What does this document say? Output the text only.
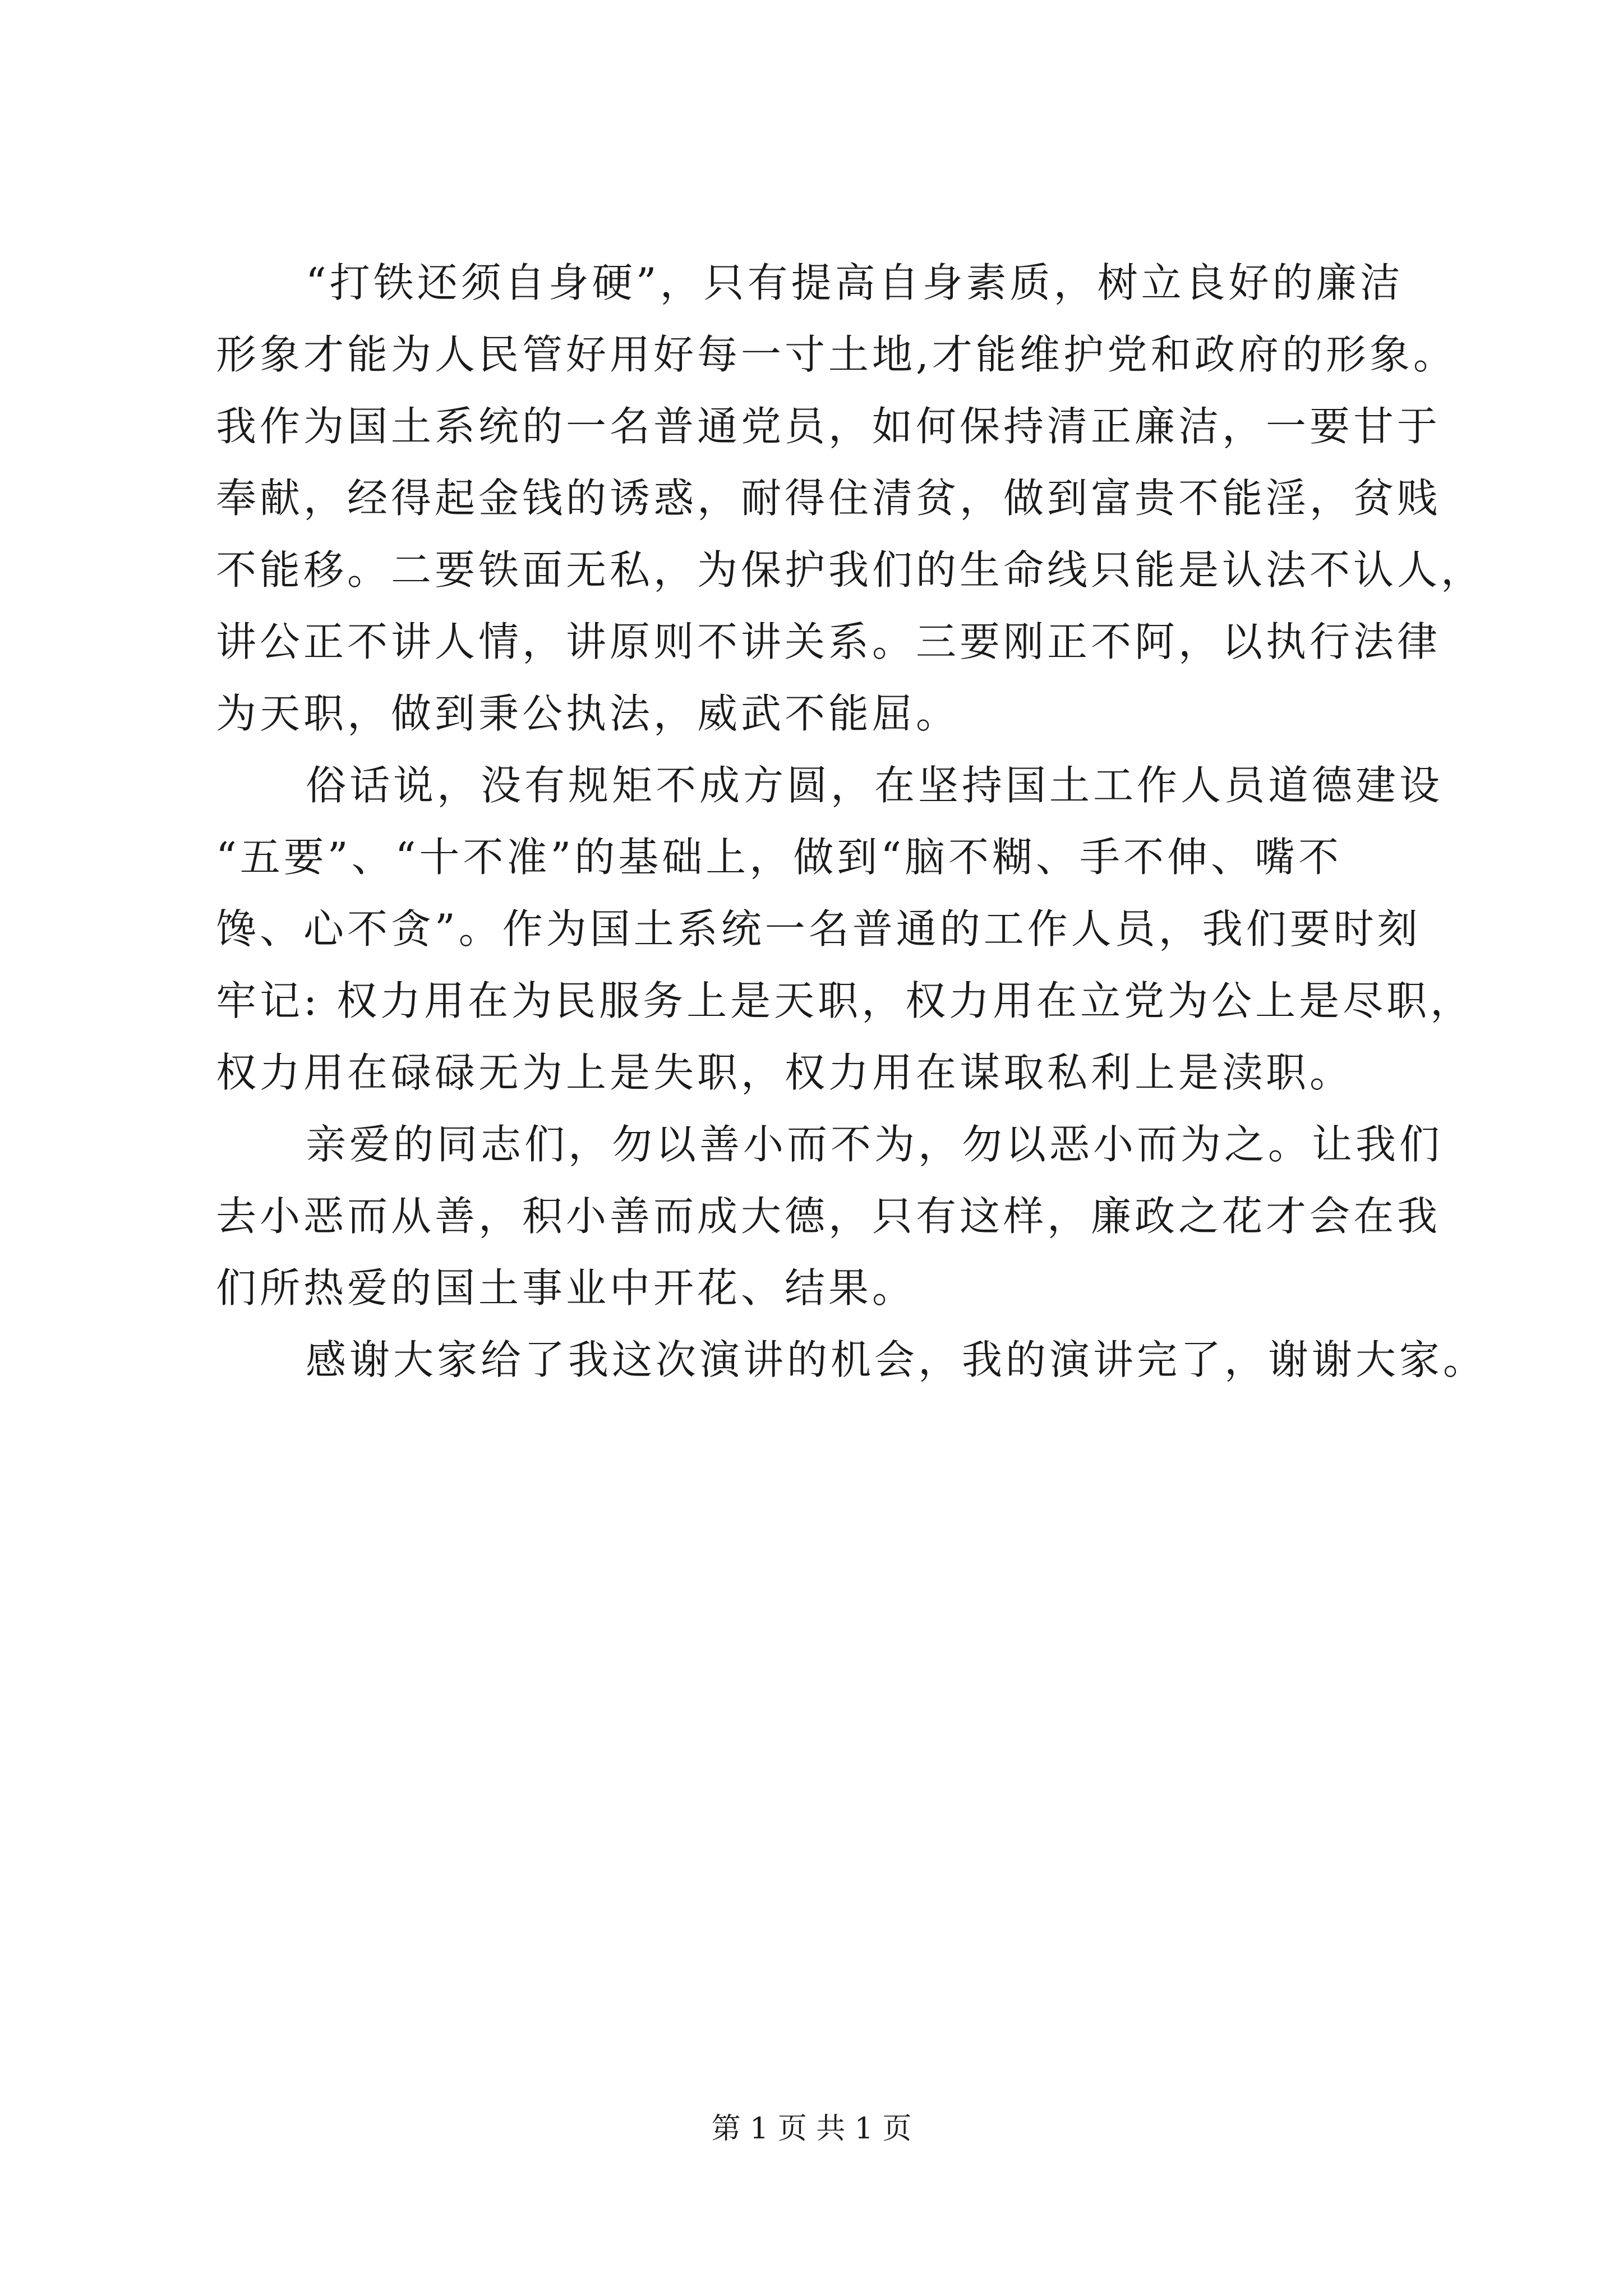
“打铁还须自身硬”，只有提高自身素质，树立良好的廉洁
形象才能为人民管好用好每一寸土地,才能维护党和政府的形象。
我作为国土系统的一名普通党员，如何保持清正廉洁，一要甘于
奉献，经得起金钱的诱惑，耐得住清贫，做到富贵不能淫，贫贱
不能移。二要铁面无私，为保护我们的生命线只能是认法不认人，
讲公正不讲人情，讲原则不讲关系。三要刚正不阿，以执行法律
为天职，做到秉公执法，威武不能屈。
俗话说，没有规矩不成方圆，在坚持国土工作人员道德建设
“五要”、“十不准”的基础上，做到“脑不糊、手不伸、嘴不
馋、心不贪”。作为国土系统一名普通的工作人员，我们要时刻
牢记: 权力用在为民服务上是天职，权力用在立党为公上是尽职，
权力用在碌碌无为上是失职，权力用在谋取私利上是渎职。
亲爱的同志们，勿以善小而不为，勿以恶小而为之。让我们
去小恶而从善，积小善而成大德，只有这样，廉政之花才会在我
们所热爱的国土事业中开花、结果。
感谢大家给了我这次演讲的机会，我的演讲完了，谢谢大家。
第 1 页 共 1 页
